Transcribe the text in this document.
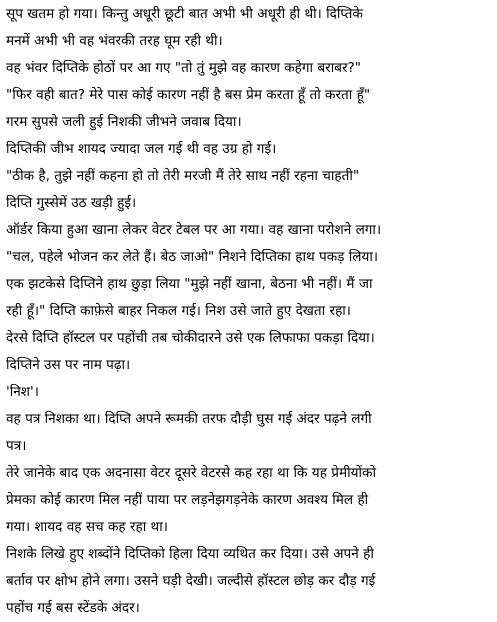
सूप खतम हो गया। किन्तु अधूरी छूटी बात अभी भी अधूरी ही थी। दिप्तिके
मनमें अभी भी वह भंवरकी तरह घूम रही थी।
वह भंवर दिप्तिके होठों पर आ गए "तो तुं मुझे वह कारण कहेगा बराबर?"
"फिर वही बात? मेरे पास कोई कारण नहीं है बस प्रेम करता हूँ तो करता हूँ"
गरम सुपसे जली हुई निशकी जीभने जवाब दिया।
दिप्तिकी जीभ शायद ज्यादा जल गई थी वह उग्र हो गई।
"ठीक है, तुझे नहीं कहना हो तो तेरी मरजी मैं तेरे साथ नहीं रहना चाहती"
दिप्ति गुस्सेमें उठ खड़ी हुई।
ऑर्डर किया हुआ खाना लेकर वेटर टेबल पर आ गया। वह खाना परोशने लगा।
"चल, पहेले भोजन कर लेते हैं। बेठ जाओ" निशने दिप्तिका हाथ पकड़ लिया।
एक झटकेसे दिप्तिने हाथ छुड़ा लिया "मुझे नहीं खाना, बेठना भी नहीं। मैं जा
रही हूँ।" दिप्ति काफ़ेसे बाहर निकल गई। निश उसे जाते हुए देखता रहा।
देरसे दिप्ति हॉस्टल पर पहोंची तब चोकीदारने उसे एक लिफाफा पकड़ा दिया।
दिप्तिने उस पर नाम पढ़ा।
'निश'।
वह पत्र निशका था। दिप्ति अपने रूमकी तरफ दौड़ी घुस गई अंदर पढ़ने लगी
पत्र।
तेरे जानेके बाद एक अदनासा वेटर दूसरे वेटरसे कह रहा था कि यह प्रेमीयोंको
प्रेमका कोई कारण मिल नहीं पाया पर लड़नेझगड़नेके कारण अवश्य मिल ही
गया। शायद वह सच कह रहा था।
निशके लिखे हुए शब्दोंने दिप्तिको हिला दिया व्यथित कर दिया। उसे अपने ही
बर्ताव पर क्षोभ होने लगा। उसने घड़ी देखी। जल्दीसे हॉस्टल छोड़ कर दौड़ गई
पहोंच गई बस स्टेंडके अंदर।
